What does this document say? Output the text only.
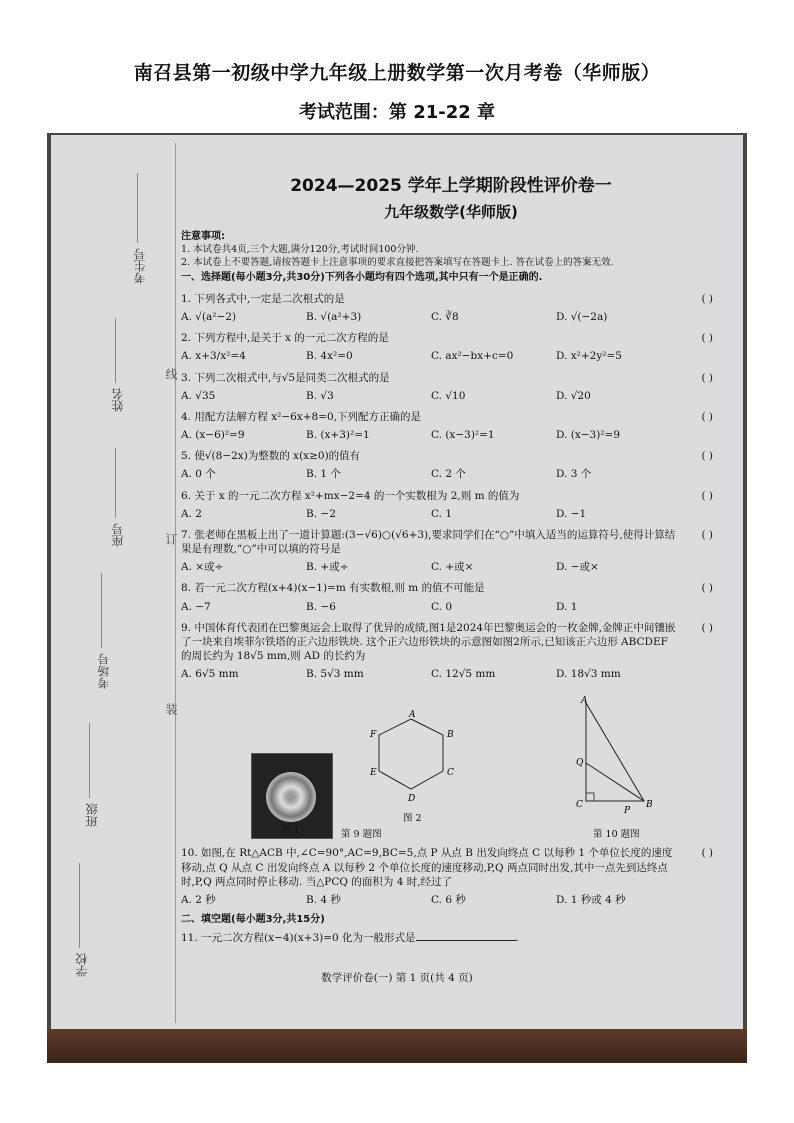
南召县第一初级中学九年级上册数学第一次月考卷（华师版）
考试范围：第 21-22 章
考生号
姓名
座号
考场号
班级
学校
线
订
装
2024—2025 学年上学期阶段性评价卷一
九年级数学(华师版)
注意事项:
1. 本试卷共4页,三个大题,满分120分,考试时间100分钟.
2. 本试卷上不要答题,请按答题卡上注意事项的要求直接把答案填写在答题卡上. 答在试卷上的答案无效.
一、选择题(每小题3分,共30分)下列各小题均有四个选项,其中只有一个是正确的.
1. 下列各式中,一定是二次根式的是	( )
A. √(a²−2)	B. √(a²+3)	C. ∛8	D. √(−2a)
2. 下列方程中,是关于 x 的一元二次方程的是	( )
A. x+3/x²=4	B. 4x²=0	C. ax²−bx+c=0	D. x²+2y²=5
3. 下列二次根式中,与√5是同类二次根式的是	( )
A. √35	B. √3	C. √10	D. √20
4. 用配方法解方程 x²−6x+8=0,下列配方正确的是	( )
A. (x−6)²=9	B. (x+3)²=1	C. (x−3)²=1	D. (x−3)²=9
5. 使√(8−2x)为整数的 x(x≥0)的值有	( )
A. 0 个	B. 1 个	C. 2 个	D. 3 个
6. 关于 x 的一元二次方程 x²+mx−2=4 的一个实数根为 2,则 m 的值为	( )
A. 2	B. −2	C. 1	D. −1
7. 张老师在黑板上出了一道计算题:(3−√6)○(√6+3),要求同学们在“○”中填入适当的运算符号,使得计算结果是有理数,“○”中可以填的符号是
( )
A. ×或÷	B. +或÷	C. +或×	D. −或×
8. 若一元二次方程(x+4)(x−1)=m 有实数根,则 m 的值不可能是	( )
A. −7	B. −6	C. 0	D. 1
9. 中国体育代表团在巴黎奥运会上取得了优异的成绩,图1是2024年巴黎奥运会的一枚金牌,金牌正中间镶嵌了一块来自埃菲尔铁塔的正六边形铁块. 这个正六边形铁块的示意图如图2所示,已知该正六边形 ABCDEF 的周长约为 18√5 mm,则 AD 的长约为
( )
A. 6√5 mm	B. 5√3 mm	C. 12√5 mm	D. 18√3 mm
图 1
A
B
C
D
E
F
图 2
第 9 题图
A
Q
C
P
B
第 10 题图
10. 如图,在 Rt△ACB 中,∠C=90°,AC=9,BC=5,点 P 从点 B 出发向终点 C 以每秒 1 个单位长度的速度移动,点 Q 从点 C 出发向终点 A 以每秒 2 个单位长度的速度移动,P,Q 两点同时出发,其中一点先到达终点时,P,Q 两点同时停止移动. 当△PCQ 的面积为 4 时,经过了
( )
A. 2 秒	B. 4 秒	C. 6 秒	D. 1 秒或 4 秒
二、填空题(每小题3分,共15分)
11. 一元二次方程(x−4)(x+3)=0 化为一般形式是	.
数学评价卷(一) 第 1 页(共 4 页)
